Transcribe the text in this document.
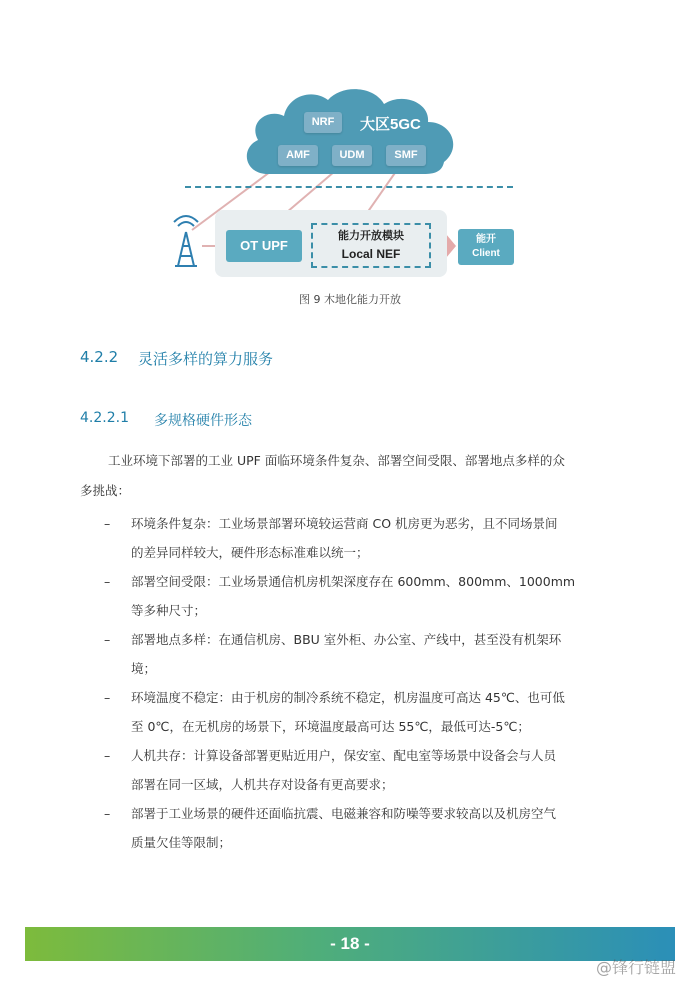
NRF	大区5GC
AMF	UDM	SMF
OT UPF
能力开放模块
Local NEF
能开
Client
图 9 木地化能力开放
4.2.2 灵活多样的算力服务
4.2.2.1 多规格硬件形态
工业环境下部署的工业 UPF 面临环境条件复杂、部署空间受限、部署地点多样的众
多挑战：
– 环境条件复杂：工业场景部署环境较运营商 CO 机房更为恶劣，且不同场景间
的差异同样较大，硬件形态标准难以统一；
– 部署空间受限：工业场景通信机房机架深度存在 600mm、800mm、1000mm
等多种尺寸；
– 部署地点多样：在通信机房、BBU 室外柜、办公室、产线中，甚至没有机架环
境；
– 环境温度不稳定：由于机房的制冷系统不稳定，机房温度可高达 45℃、也可低
至 0℃，在无机房的场景下，环境温度最高可达 55℃，最低可达-5℃；
– 人机共存：计算设备部署更贴近用户，保安室、配电室等场景中设备会与人员
部署在同一区域，人机共存对设备有更高要求；
– 部署于工业场景的硬件还面临抗震、电磁兼容和防噪等要求较高以及机房空气
质量欠佳等限制；
- 18 -
@锋行链盟
